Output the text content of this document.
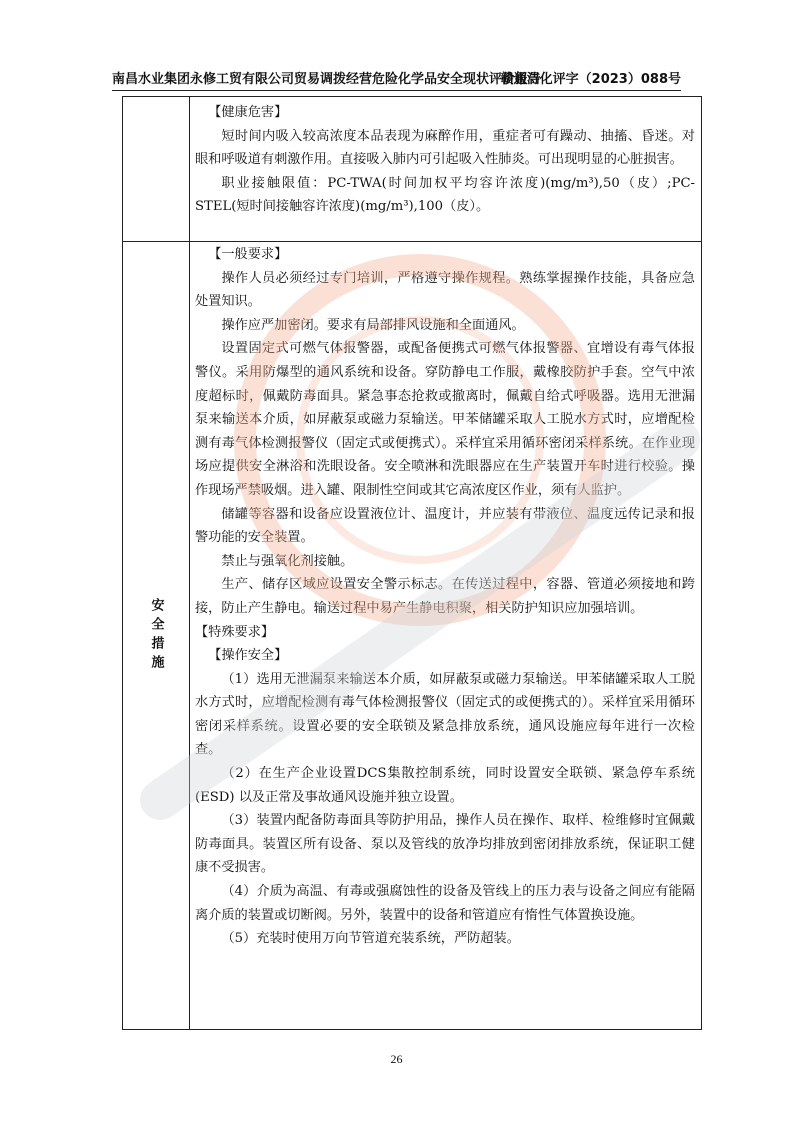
南昌水业集团永修工贸有限公司贸易调拨经营危险化学品安全现状评价报告
赣通浔化评字（2023）088号

【健康危害】

短时间内吸入较高浓度本品表现为麻醉作用，重症者可有躁动、抽搐、昏迷。对眼和呼吸道有刺激作用。直接吸入肺内可引起吸入性肺炎。可出现明显的心脏损害。

职业接触限值：PC-TWA(时间加权平均容许浓度)(mg/m³),50（皮）;PC-STEL(短时间接触容许浓度)(mg/m³),100（皮）。

安全措施

【一般要求】

操作人员必须经过专门培训，严格遵守操作规程。熟练掌握操作技能，具备应急处置知识。

操作应严加密闭。要求有局部排风设施和全面通风。

设置固定式可燃气体报警器，或配备便携式可燃气体报警器、宜增设有毒气体报警仪。采用防爆型的通风系统和设备。穿防静电工作服，戴橡胶防护手套。空气中浓度超标时，佩戴防毒面具。紧急事态抢救或撤离时，佩戴自给式呼吸器。选用无泄漏泵来输送本介质，如屏蔽泵或磁力泵输送。甲苯储罐采取人工脱水方式时，应增配检测有毒气体检测报警仪（固定式或便携式）。采样宜采用循环密闭采样系统。在作业现场应提供安全淋浴和洗眼设备。安全喷淋和洗眼器应在生产装置开车时进行校验。操作现场严禁吸烟。进入罐、限制性空间或其它高浓度区作业，须有人监护。

储罐等容器和设备应设置液位计、温度计，并应装有带液位、温度远传记录和报警功能的安全装置。

禁止与强氧化剂接触。

生产、储存区域应设置安全警示标志。在传送过程中，容器、管道必须接地和跨接，防止产生静电。输送过程中易产生静电积聚，相关防护知识应加强培训。

【特殊要求】

【操作安全】

（1）选用无泄漏泵来输送本介质，如屏蔽泵或磁力泵输送。甲苯储罐采取人工脱水方式时，应增配检测有毒气体检测报警仪（固定式的或便携式的）。采样宜采用循环密闭采样系统。设置必要的安全联锁及紧急排放系统，通风设施应每年进行一次检查。

（2）在生产企业设置DCS集散控制系统，同时设置安全联锁、紧急停车系统(ESD) 以及正常及事故通风设施并独立设置。

（3）装置内配备防毒面具等防护用品，操作人员在操作、取样、检维修时宜佩戴防毒面具。装置区所有设备、泵以及管线的放净均排放到密闭排放系统，保证职工健康不受损害。

（4）介质为高温、有毒或强腐蚀性的设备及管线上的压力表与设备之间应有能隔离介质的装置或切断阀。另外，装置中的设备和管道应有惰性气体置换设施。

（5）充装时使用万向节管道充装系统，严防超装。

26
